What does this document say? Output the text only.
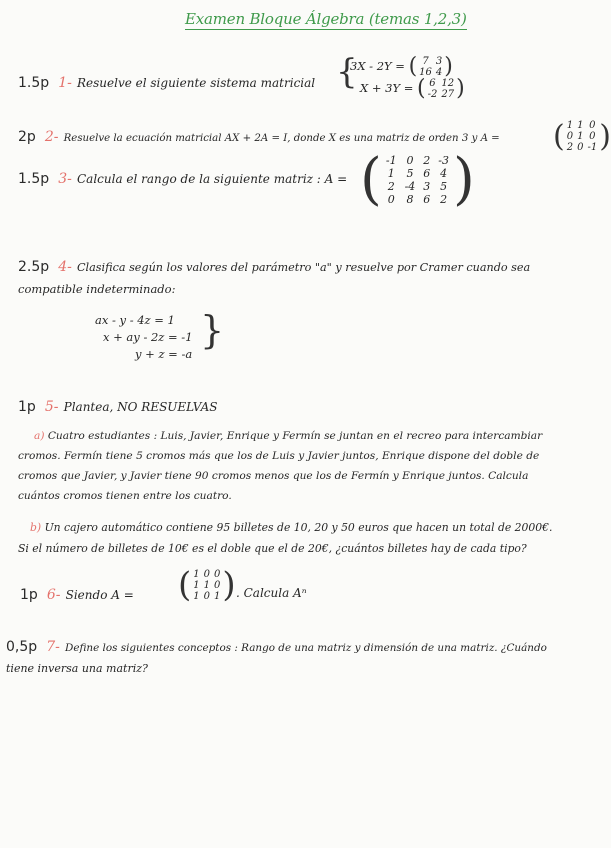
Examen Bloque Álgebra (temas 1,2,3)
1.5p 1- Resuelve el siguiente sistema matricial {
3X - 2Y = ( 7	3
16	4 )
X + 3Y = ( 6	12
-2	27 )
2p 2- Resuelve la ecuación matricial AX + 2A = I, donde X es una matriz de orden 3 y A = ( 1	1	0
0	1	0
2	0	-1 )
1.5p 3- Calcula el rango de la siguiente matriz : A = ( -1	0	2	-3
1	5	6	4
2	-4	3	5
0	8	6	2 )
2.5p 4- Clasifica según los valores del parámetro "a" y resuelve por Cramer cuando sea
compatible indeterminado:
ax - y - 4z = 1
x + ay - 2z = -1
y + z = -a
}
1p 5- Plantea, NO RESUELVAS
a) Cuatro estudiantes : Luis, Javier, Enrique y Fermín se juntan en el recreo para intercambiar
cromos. Fermín tiene 5 cromos más que los de Luis y Javier juntos, Enrique dispone del doble de
cromos que Javier, y Javier tiene 90 cromos menos que los de Fermín y Enrique juntos. Calcula
cuántos cromos tienen entre los cuatro.
b) Un cajero automático contiene 95 billetes de 10, 20 y 50 euros que hacen un total de 2000€.
Si el número de billetes de 10€ es el doble que el de 20€, ¿cuántos billetes hay de cada tipo?
1p 6- Siendo A = ( 1	0	0
1	1	0
1	0	1 ) . Calcula Aⁿ
0,5p 7- Define los siguientes conceptos : Rango de una matriz y dimensión de una matriz. ¿Cuándo
tiene inversa una matriz?
